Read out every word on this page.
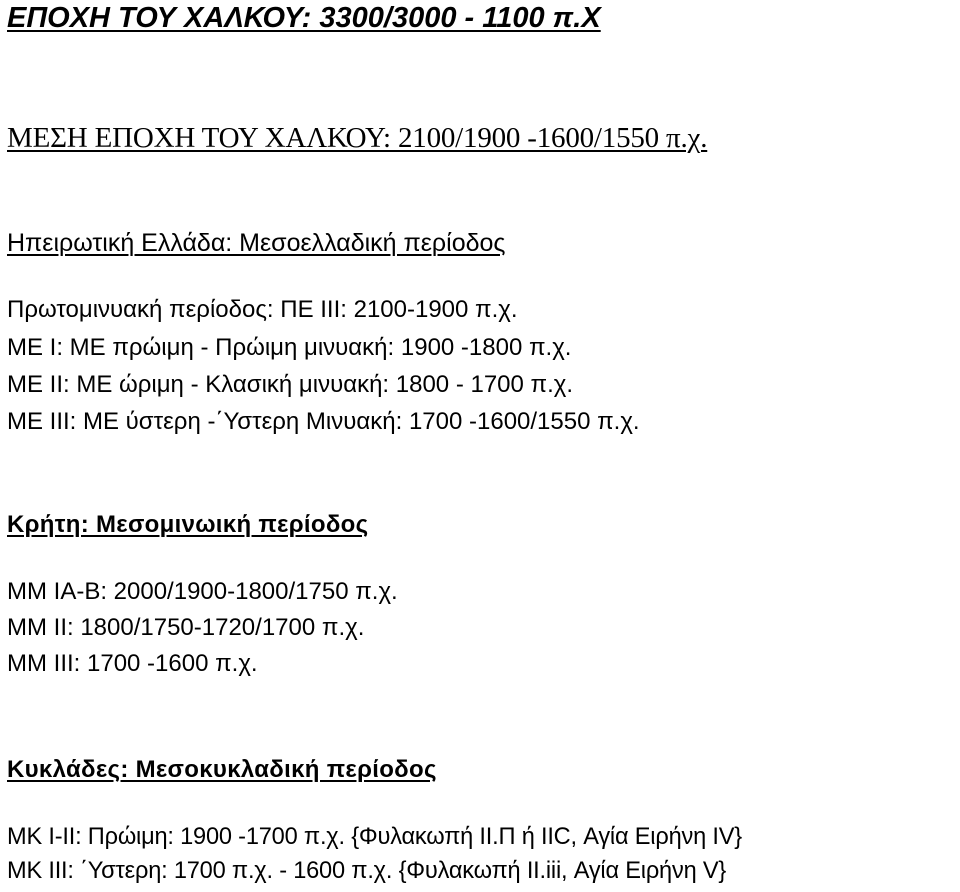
ΕΠΟΧΗ ΤΟΥ ΧΑΛΚΟΥ: 3300/3000 - 1100 π.Χ
ΜΕΣΗ ΕΠΟΧΗ ΤΟΥ ΧΑΛΚΟΥ: 2100/1900 -1600/1550 π.χ.
Ηπειρωτική Ελλάδα: Μεσοελλαδική περίοδος
Πρωτομινυακή περίοδος: ΠΕ ΙΙΙ: 2100-1900 π.χ.
ΜΕ Ι: ΜΕ πρώιμη - Πρώιμη μινυακή: 1900 -1800 π.χ.
ΜΕ ΙΙ: ΜΕ ώριμη - Κλασική μινυακή: 1800 - 1700 π.χ.
ΜΕ ΙΙΙ: ΜΕ ύστερη -΄Υστερη Μινυακή: 1700 -1600/1550 π.χ.
Κρήτη: Μεσομινωική περίοδος
ΜΜ ΙΑ-Β: 2000/1900-1800/1750 π.χ.
ΜΜ ΙΙ: 1800/1750-1720/1700 π.χ.
ΜΜ ΙΙΙ: 1700 -1600 π.χ.
Κυκλάδες: Μεσοκυκλαδική περίοδος
ΜΚ Ι-ΙΙ: Πρώιμη: 1900 -1700 π.χ. {Φυλακωπή ΙΙ.Π ή IIC, Αγία Ειρήνη IV}
ΜΚ ΙΙΙ: ΄Υστερη: 1700 π.χ. - 1600 π.χ. {Φυλακωπή ΙΙ.iii, Αγία Ειρήνη V}
